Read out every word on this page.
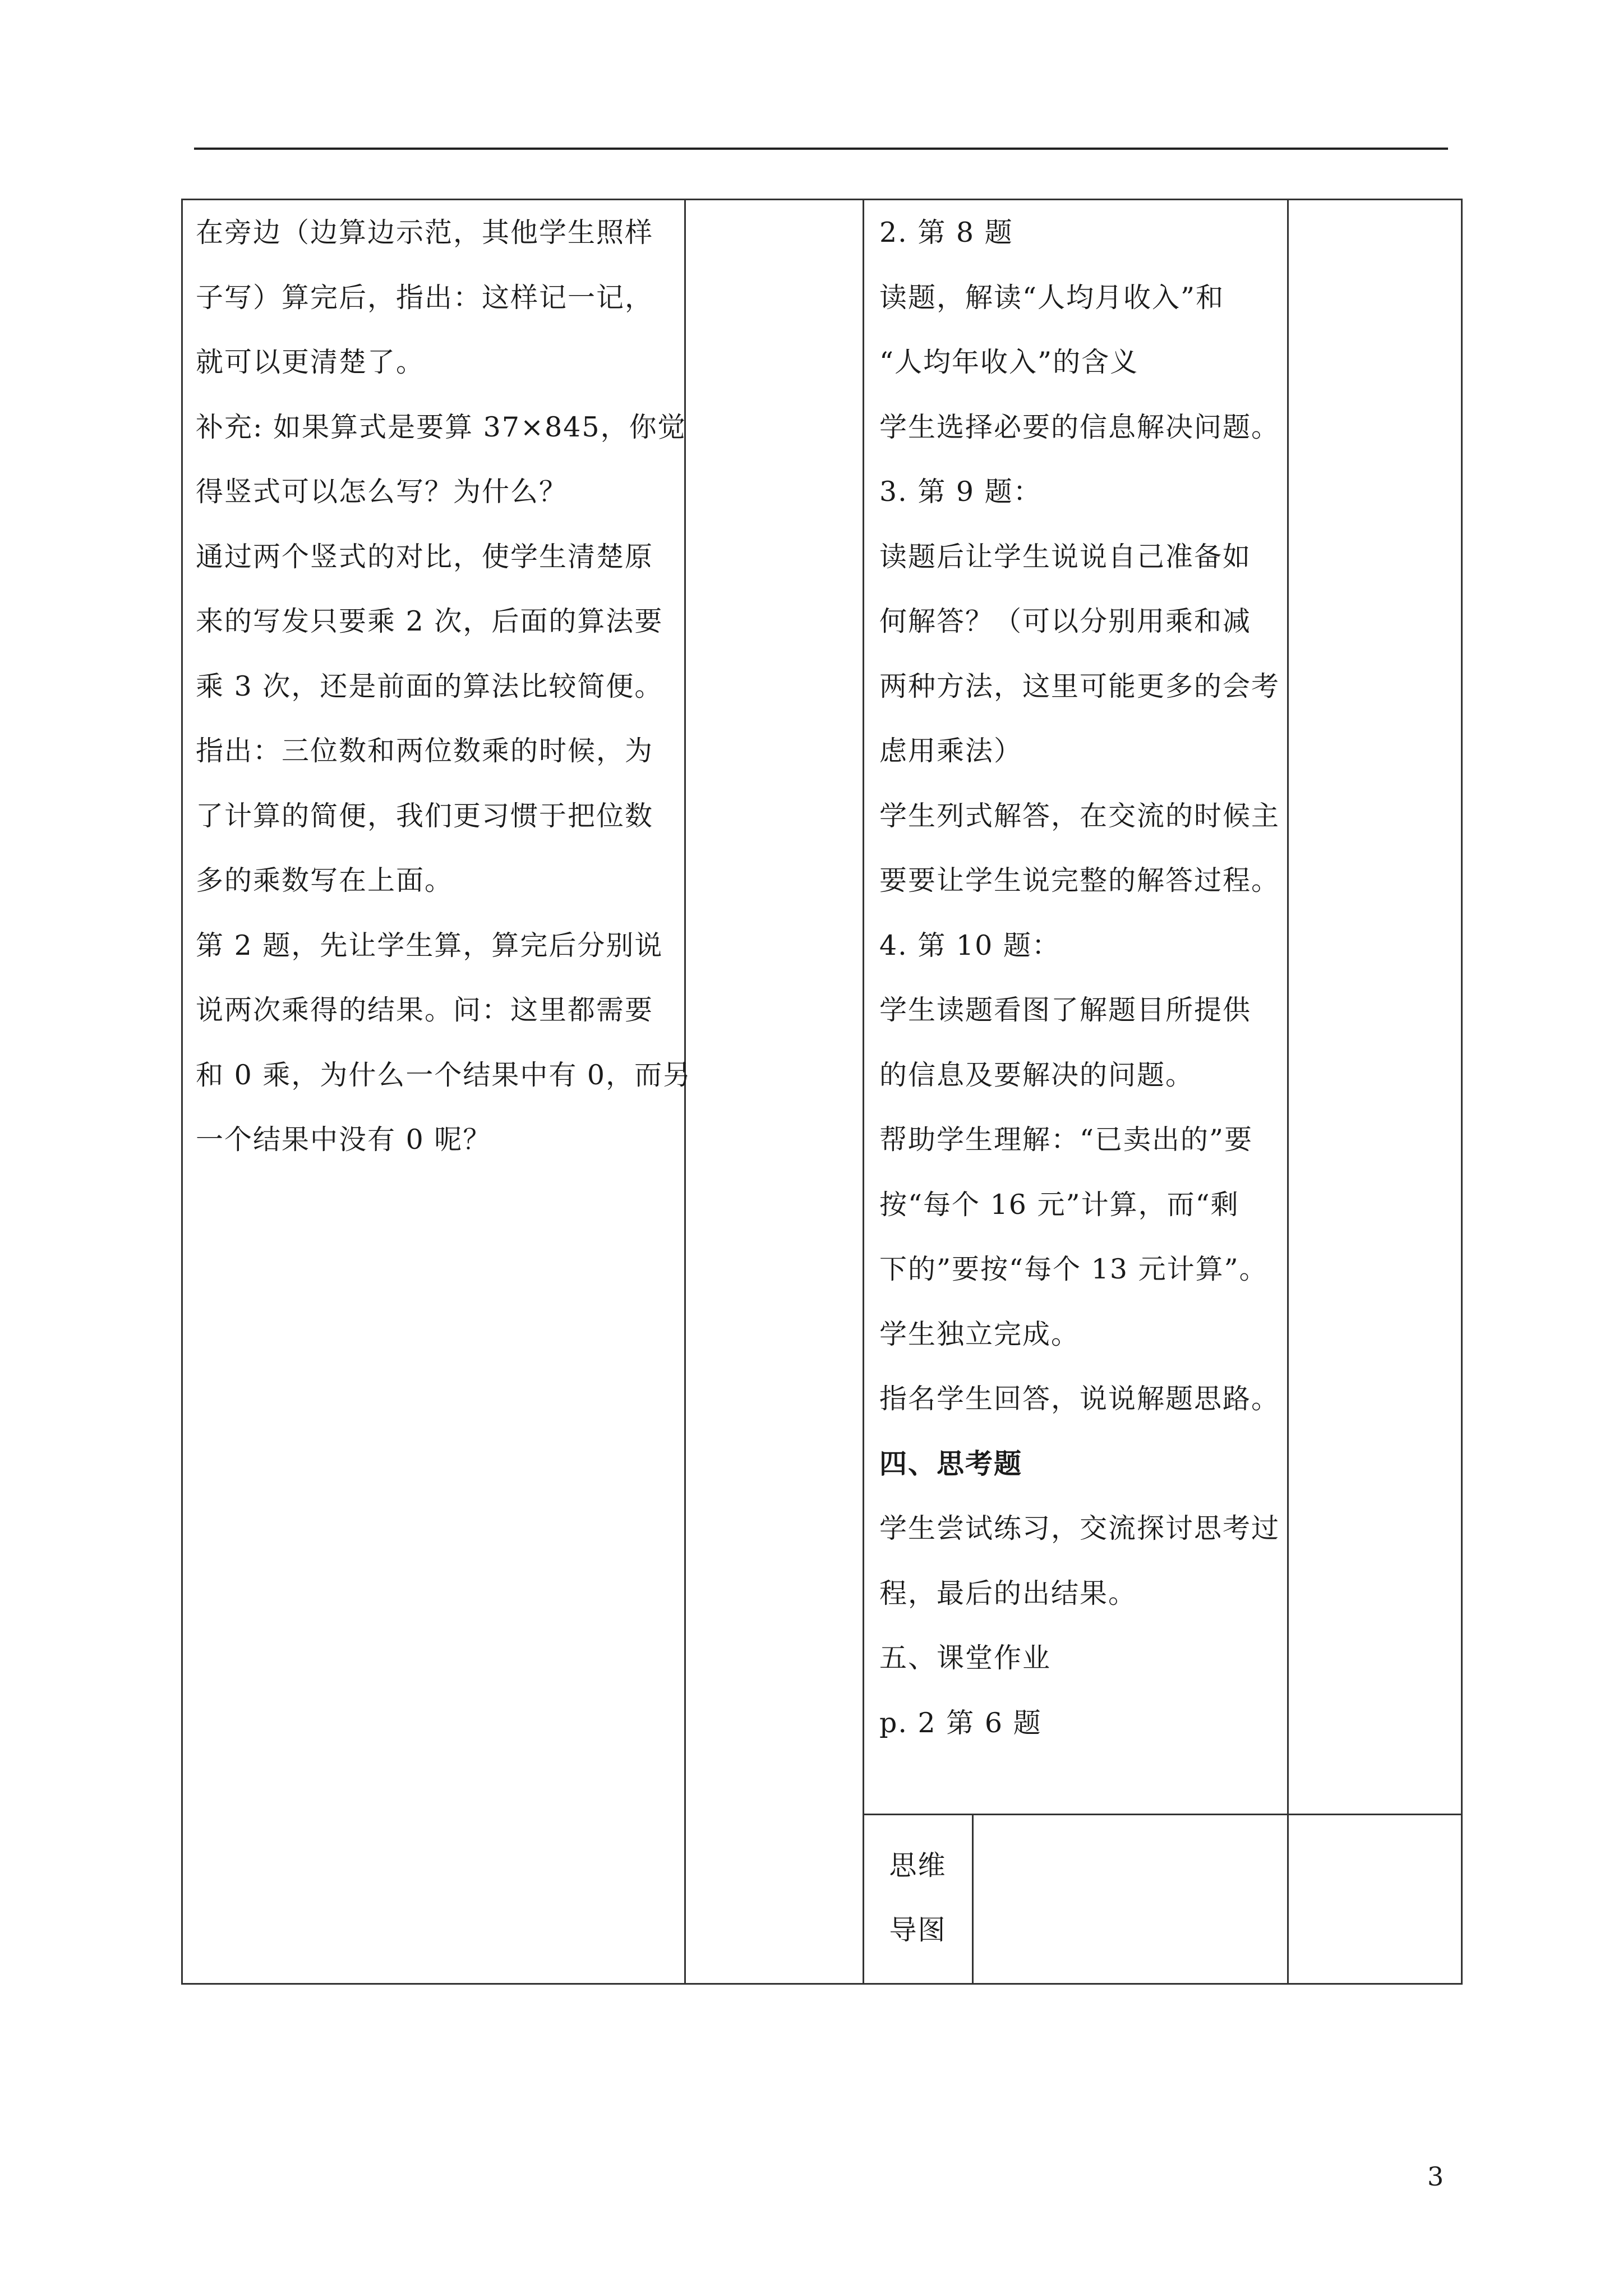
在旁边（边算边示范，其他学生照样

子写）算完后，指出：这样记一记，

就可以更清楚了。

补充: 如果算式是要算 37×845，你觉

得竖式可以怎么写？为什么？

通过两个竖式的对比，使学生清楚原

来的写发只要乘 2 次，后面的算法要

乘 3 次，还是前面的算法比较简便。

指出：三位数和两位数乘的时候，为

了计算的简便，我们更习惯于把位数

多的乘数写在上面。

第 2 题，先让学生算，算完后分别说

说两次乘得的结果。问：这里都需要

和 0 乘，为什么一个结果中有 0，而另

一个结果中没有 0 呢？

2. 第 8 题

读题，解读“人均月收入”和

“人均年收入”的含义

学生选择必要的信息解决问题。

3. 第 9 题：

读题后让学生说说自己准备如

何解答？（可以分别用乘和减

两种方法，这里可能更多的会考

虑用乘法）

学生列式解答，在交流的时候主

要要让学生说完整的解答过程。

4. 第 10 题：

学生读题看图了解题目所提供

的信息及要解决的问题。

帮助学生理解：“已卖出的”要

按“每个 16 元”计算，而“剩

下的”要按“每个 13 元计算”。

学生独立完成。

指名学生回答，说说解题思路。

四、思考题

学生尝试练习，交流探讨思考过

程，最后的出结果。

五、课堂作业

p. 2 第 6 题

思维

导图

3
